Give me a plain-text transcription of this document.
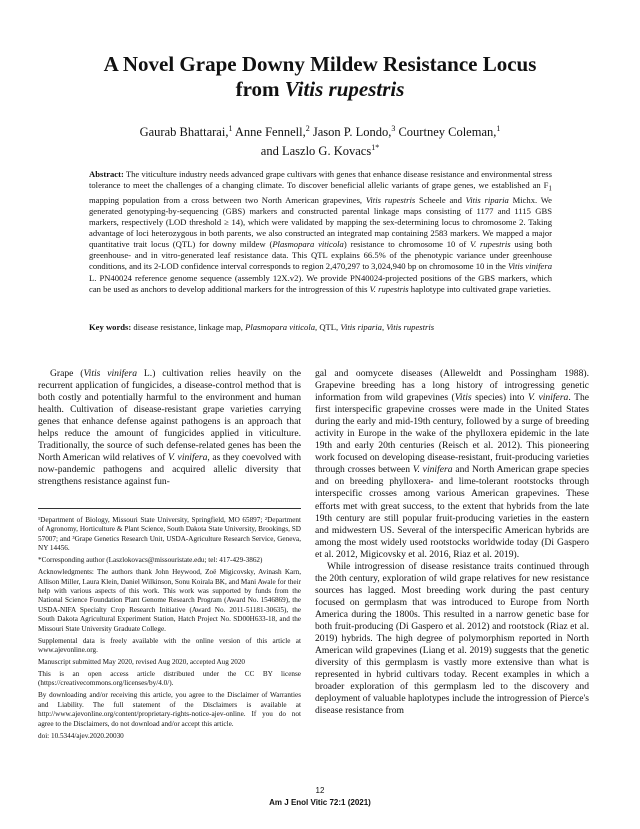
A Novel Grape Downy Mildew Resistance Locus
from Vitis rupestris
Gaurab Bhattarai,$^1$ Anne Fennell,$^2$ Jason P. Londo,$^3$ Courtney Coleman,$^1$
and Laszlo G. Kovacs$^{1*}$
Abstract: The viticulture industry needs advanced grape cultivars with genes that enhance disease resistance and environmental stress tolerance to meet the challenges of a changing climate. To discover beneficial allelic variants of grape genes, we established an $F_1$ mapping population from a cross between two North American grapevines, Vitis rupestris Scheele and Vitis riparia Michx. We generated genotyping-by-sequencing (GBS) markers and constructed parental linkage maps consisting of 1177 and 1115 GBS markers, respectively (LOD threshold ≥ 14), which were validated by mapping the sex-determining locus to chromosome 2. Taking advantage of loci heterozygous in both parents, we also constructed an integrated map containing 2583 markers. We mapped a major quantitative trait locus (QTL) for downy mildew (Plasmopara viticola) resistance to chromosome 10 of V. rupestris using both greenhouse- and in vitro-generated leaf resistance data. This QTL explains 66.5% of the phenotypic variance under greenhouse conditions, and its 2-LOD confidence interval corresponds to region 2,470,297 to 3,024,940 bp on chromosome 10 in the Vitis vinifera L. PN40024 reference genome sequence (assembly 12X.v2). We provide PN40024-projected positions of the GBS markers, which can be used as anchors to develop additional markers for the introgression of this V. rupestris haplotype into cultivated grape varieties.
Key words: disease resistance, linkage map, Plasmopara viticola, QTL, Vitis riparia, Vitis rupestris

Grape (Vitis vinifera L.) cultivation relies heavily on the recurrent application of fungicides, a disease-control method that is both costly and potentially harmful to the environment and human health. Cultivation of disease-resistant grape varieties carrying genes that enhance defense against pathogens is an approach that helps reduce the amount of fungicides applied in viticulture. Traditionally, the source of such defense-related genes has been the North American wild relatives of V. vinifera, as they coevolved with now-pandemic pathogens and acquired allelic diversity that strengthens resistance against fun-

¹Department of Biology, Missouri State University, Springfield, MO 65897; ²Department of Agronomy, Horticulture & Plant Science, South Dakota State University, Brookings, SD 57007; and ³Grape Genetics Research Unit, USDA-Agriculture Research Service, Geneva, NY 14456.

*Corresponding author (Laszlokovacs@missouristate.edu; tel: 417-429-3862)

Acknowledgments: The authors thank John Heywood, Zoë Migicovsky, Avinash Karn, Allison Miller, Laura Klein, Daniel Wilkinson, Sonu Koirala BK, and Mani Awale for their help with various aspects of this work. This work was supported by funds from the National Science Foundation Plant Genome Research Program (Award No. 1546869), the USDA-NIFA Specialty Crop Research Initiative (Award No. 2011-51181-30635), the South Dakota Agricultural Experiment Station, Hatch Project No. SD00H633-18, and the Missouri State University Graduate College.

Supplemental data is freely available with the online version of this article at www.ajevonline.org.

Manuscript submitted May 2020, revised Aug 2020, accepted Aug 2020

This is an open access article distributed under the CC BY license (https://creativecommons.org/licenses/by/4.0/).

By downloading and/or receiving this article, you agree to the Disclaimer of Warranties and Liability. The full statement of the Disclaimers is available at http://www.ajevonline.org/content/proprietary-rights-notice-ajev-online. If you do not agree to the Disclaimers, do not download and/or accept this article.

doi: 10.5344/ajev.2020.20030

gal and oomycete diseases (Alleweldt and Possingham 1988). Grapevine breeding has a long history of introgressing genetic information from wild grapevines (Vitis species) into V. vinifera. The first interspecific grapevine crosses were made in the United States during the early and mid-19th century, followed by a surge of breeding activity in Europe in the wake of the phylloxera epidemic in the late 19th and early 20th centuries (Reisch et al. 2012). This pioneering work focused on developing disease-resistant, fruit-producing varieties through crosses between V. vinifera and North American grape species and on breeding phylloxera- and lime-tolerant rootstocks through interspecific crosses among various American grapevines. These efforts met with great success, to the extent that hybrids from the late 19th century are still popular fruit-producing varieties in the eastern and midwestern US. Several of the interspecific American hybrids are among the most widely used rootstocks worldwide today (Di Gaspero et al. 2012, Migicovsky et al. 2016, Riaz et al. 2019).

While introgression of disease resistance traits continued through the 20th century, exploration of wild grape relatives for new resistance sources has lagged. Most breeding work during the past century focused on germplasm that was introduced to Europe from North America during the 1800s. This resulted in a narrow genetic base for both fruit-producing (Di Gaspero et al. 2012) and rootstock (Riaz et al. 2019) hybrids. The high degree of polymorphism reported in North American wild grapevines (Liang et al. 2019) suggests that the genetic diversity of this germplasm is vastly more extensive than what is represented in hybrid cultivars today. Recent examples in which a broader exploration of this germplasm led to the discovery and deployment of valuable haplotypes include the introgression of Pierce's disease resistance from

12
Am J Enol Vitic 72:1 (2021)
